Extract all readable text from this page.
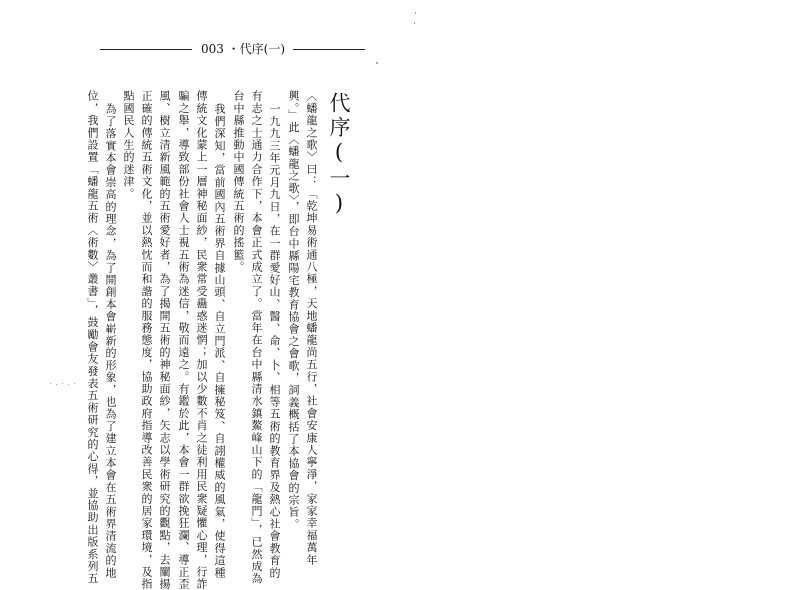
003 ・代序(一)
代序(一)
〈蟠龍之歌〉曰：「乾坤易術通八極，天地蟠龍尚五行，社會安康人寧淨，家家幸福萬年
興。」此〈蟠龍之歌〉，即台中縣陽宅教育協會之會歌，詞義概括了本協會的宗旨。
一九九三年元月九日，在一群愛好山、醫、命、卜、相等五術的教育界及熱心社會教育的
有志之士通力合作下，本會正式成立了。當年在台中縣清水鎮鰲峰山下的「龍門」，已然成為
台中縣推動中國傳統五術的搖籃。
我們深知，當前國內五術界自據山頭、自立門派、自擁秘笈、自詡權威的風氣，使得這種
傳統文化蒙上一層神秘面紗，民衆常受蠱惑迷惘；加以少數不肖之徒利用民衆疑懼心理，行詐
騙之舉，導致部份社會人士視五術為迷信，敬而遠之。有鑑於此，本會一群欲挽狂瀾、導正歪
風、樹立清新風範的五術愛好者，為了揭開五術的神秘面紗，矢志以學術研究的觀點，去闡揚
正確的傳統五術文化，並以熱忱而和諧的服務態度，協助政府指導改善民衆的居家環境，及指
點國民人生的迷津。
為了落實本會崇高的理念，為了開創本會嶄新的形象，也為了建立本會在五術界清流的地
位，我們設置「蟠龍五術〈術數〉叢書」，鼓勵會友發表五術研究的心得，並協助出版系列五
